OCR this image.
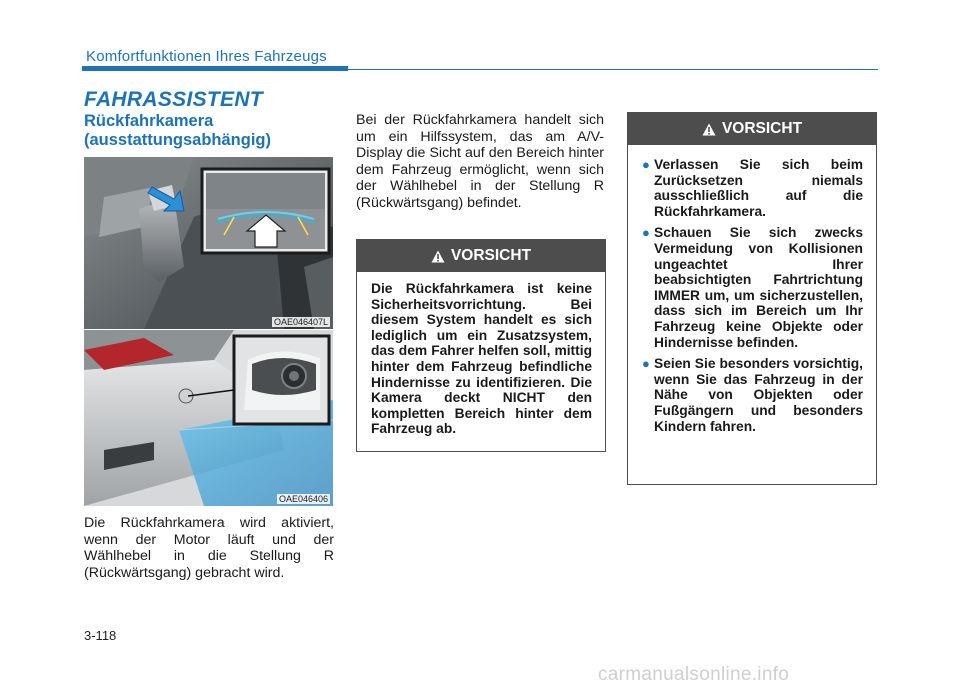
Komfortfunktionen Ihres Fahrzeugs
FAHRASSISTENT
Rückfahrkamera
(ausstattungsabhängig)
OAE046407L
OAE046406
Die Rückfahrkamera wird aktiviert, wenn der Motor läuft und der Wählhebel in die Stellung R (Rückwärtsgang) gebracht wird.
Bei der Rückfahrkamera handelt sich um ein Hilfssystem, das am A/V-Display die Sicht auf den Bereich hinter dem Fahrzeug ermöglicht, wenn sich der Wählhebel in der Stellung R (Rückwärtsgang) befindet.
VORSICHT
Die Rückfahrkamera ist keine Sicherheitsvorrichtung. Bei diesem System handelt es sich lediglich um ein Zusatzsystem, das dem Fahrer helfen soll, mittig hinter dem Fahrzeug befindliche Hindernisse zu identifizieren. Die Kamera deckt NICHT den kompletten Bereich hinter dem Fahrzeug ab.
VORSICHT
● Verlassen Sie sich beim Zurücksetzen niemals ausschließlich auf die Rückfahrkamera.
● Schauen Sie sich zwecks Vermeidung von Kollisionen ungeachtet Ihrer beabsichtigten Fahrtrichtung IMMER um, um sicherzustellen, dass sich im Bereich um Ihr Fahrzeug keine Objekte oder Hindernisse befinden.
● Seien Sie besonders vorsichtig, wenn Sie das Fahrzeug in der Nähe von Objekten oder Fußgängern und besonders Kindern fahren.
3-118
carmanualsonline.info
